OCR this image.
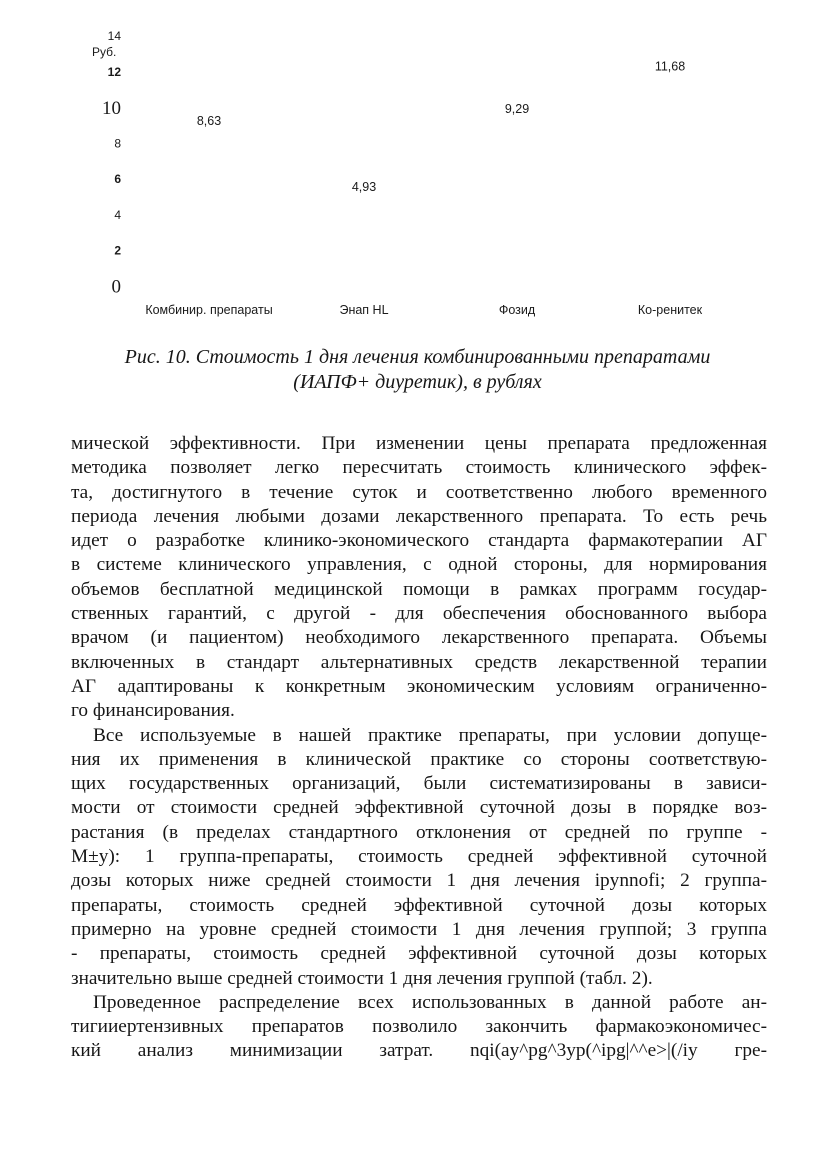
0
2
4
6
8
10
12
14
Руб.
8,63
4,93
9,29
11,68
Комбинир. препараты	Энап HL	Фозид	Ко-ренитек
Рис. 10. Стоимость 1 дня лечения комбинированными препаратами
(ИАПФ+ диуретик), в рублях
мической эффективности. При изменении цены препарата предложенная
методика позволяет легко пересчитать стоимость клинического эффек-
та, достигнутого в течение суток и соответственно любого временного
периода лечения любыми дозами лекарственного препарата. То есть речь
идет о разработке клинико-экономического стандарта фармакотерапии АГ
в системе клинического управления, с одной стороны, для нормирования
объемов бесплатной медицинской помощи в рамках программ государ-
ственных гарантий, с другой - для обеспечения обоснованного выбора
врачом (и пациентом) необходимого лекарственного препарата. Объемы
включенных в стандарт альтернативных средств лекарственной терапии
АГ адаптированы к конкретным экономическим условиям ограниченно-
го финансирования.
Все используемые в нашей практике препараты, при условии допуще-
ния их применения в клинической практике со стороны соответствую-
щих государственных организаций, были систематизированы в зависи-
мости от стоимости средней эффективной суточной дозы в порядке воз-
растания (в пределах стандартного отклонения от средней по группе -
M±y): 1 группа-препараты, стоимость средней эффективной суточной
дозы которых ниже средней стоимости 1 дня лечения ipynnofi; 2 группа-
препараты, стоимость средней эффективной суточной дозы которых
примерно на уровне средней стоимости 1 дня лечения группой; 3 группа
- препараты, стоимость средней эффективной суточной дозы которых
значительно выше средней стоимости 1 дня лечения группой (табл. 2).
Проведенное распределение всех использованных в данной работе ан-
тигииертензивных препаратов позволило закончить фармакоэкономичес-
кий анализ минимизации затрат. nqi(ay^pg^3yp(^ipg|^^e>|(/iy гре-
